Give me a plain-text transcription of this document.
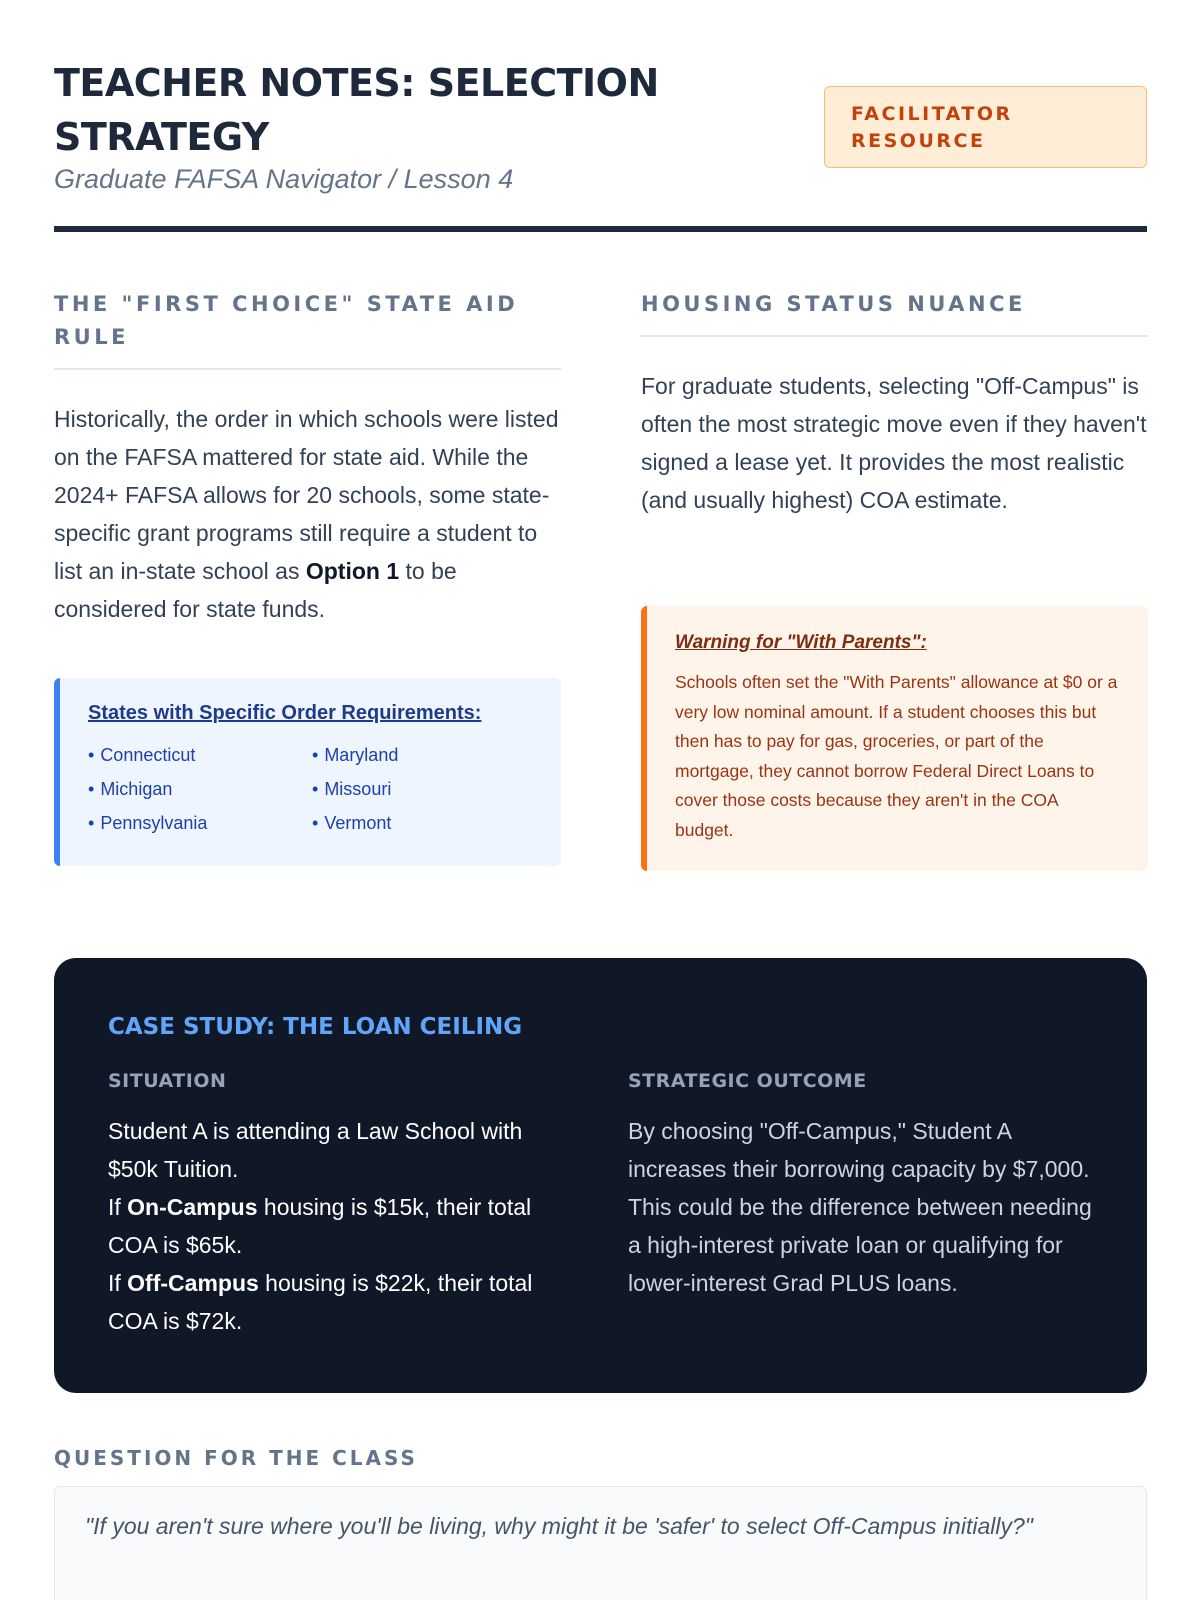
TEACHER NOTES: SELECTION STRATEGY
Graduate FAFSA Navigator / Lesson 4
FACILITATOR RESOURCE
THE "FIRST CHOICE" STATE AID RULE

Historically, the order in which schools were listed on the FAFSA mattered for state aid. While the 2024+ FAFSA allows for 20 schools, some state-specific grant programs still require a student to list an in-state school as Option 1 to be considered for state funds.

States with Specific Order Requirements:
• Connecticut	• Maryland
• Michigan	• Missouri
• Pennsylvania	• Vermont
HOUSING STATUS NUANCE

For graduate students, selecting "Off-Campus" is often the most strategic move even if they haven't signed a lease yet. It provides the most realistic (and usually highest) COA estimate.

Warning for "With Parents":
Schools often set the "With Parents" allowance at $0 or a very low nominal amount. If a student chooses this but then has to pay for gas, groceries, or part of the mortgage, they cannot borrow Federal Direct Loans to cover those costs because they aren't in the COA budget.
CASE STUDY: THE LOAN CEILING
SITUATION
Student A is attending a Law School with $50k Tuition.
If On-Campus housing is $15k, their total COA is $65k.
If Off-Campus housing is $22k, their total COA is $72k.
STRATEGIC OUTCOME
By choosing "Off-Campus," Student A increases their borrowing capacity by $7,000. This could be the difference between needing a high-interest private loan or qualifying for lower-interest Grad PLUS loans.
QUESTION FOR THE CLASS
"If you aren't sure where you'll be living, why might it be 'safer' to select Off-Campus initially?"
